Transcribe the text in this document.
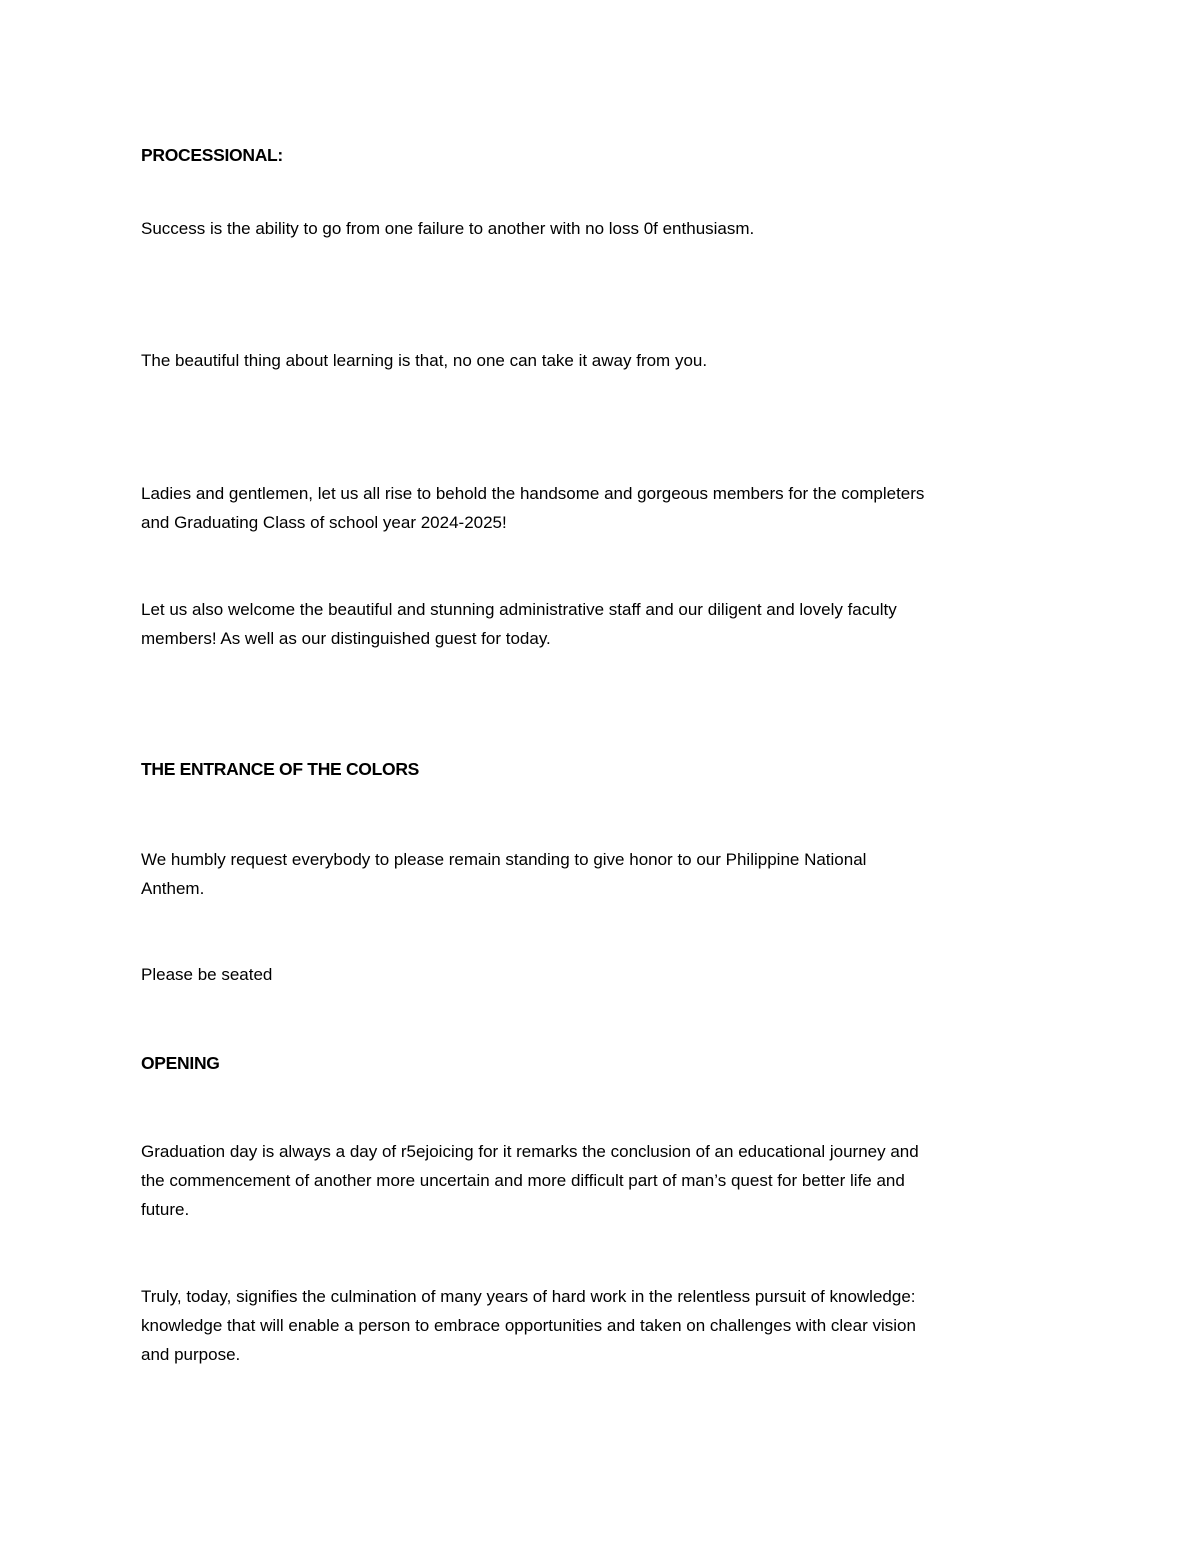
PROCESSIONAL:

Success is the ability to go from one failure to another with no loss 0f enthusiasm.

The beautiful thing about learning is that, no one can take it away from you.

Ladies and gentlemen, let us all rise to behold the handsome and gorgeous members for the completers
and Graduating Class of school year 2024-2025!
Let us also welcome the beautiful and stunning administrative staff and our diligent and lovely faculty
members! As well as our distinguished guest for today.

THE ENTRANCE OF THE COLORS

We humbly request everybody to please remain standing to give honor to our Philippine National
Anthem.

Please be seated

OPENING

Graduation day is always a day of r5ejoicing for it remarks the conclusion of an educational journey and
the commencement of another more uncertain and more difficult part of man’s quest for better life and
future.
Truly, today, signifies the culmination of many years of hard work in the relentless pursuit of knowledge:
knowledge that will enable a person to embrace opportunities and taken on challenges with clear vision
and purpose.
